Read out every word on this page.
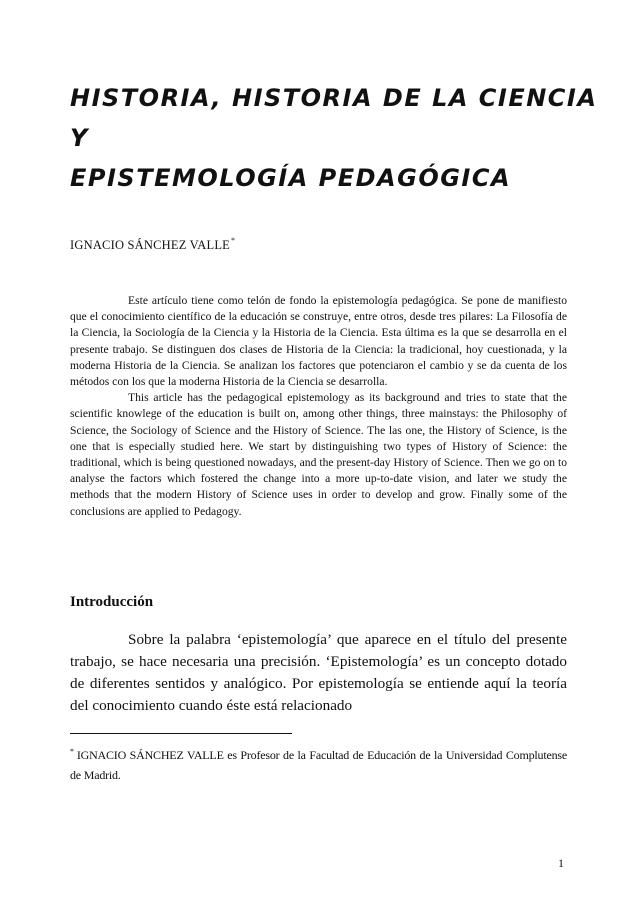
HISTORIA, HISTORIA DE LA CIENCIA
Y
EPISTEMOLOGÍA PEDAGÓGICA
IGNACIO SÁNCHEZ VALLE*

Este artículo tiene como telón de fondo la epistemología pedagógica. Se pone de manifiesto que el conocimiento científico de la educación se construye, entre otros, desde tres pilares: La Filosofía de la Ciencia, la Sociología de la Ciencia y la Historia de la Ciencia. Esta última es la que se desarrolla en el presente trabajo. Se distinguen dos clases de Historia de la Ciencia: la tradicional, hoy cuestionada, y la moderna Historia de la Ciencia. Se analizan los factores que potenciaron el cambio y se da cuenta de los métodos con los que la moderna Historia de la Ciencia se desarrolla.

This article has the pedagogical epistemology as its background and tries to state that the scientific knowlege of the education is built on, among other things, three mainstays: the Philosophy of Science, the Sociology of Science and the History of Science. The las one, the History of Science, is the one that is especially studied here. We start by distinguishing two types of History of Science: the traditional, which is being questioned nowadays, and the present-day History of Science. Then we go on to analyse the factors which fostered the change into a more up-to-date vision, and later we study the methods that the modern History of Science uses in order to develop and grow. Finally some of the conclusions are applied to Pedagogy.

Introducción

Sobre la palabra ‘epistemología’ que aparece en el título del presente trabajo, se hace necesaria una precisión. ‘Epistemología’ es un concepto dotado de diferentes sentidos y analógico. Por epistemología se entiende aquí la teoría del conocimiento cuando éste está relacionado

* IGNACIO SÁNCHEZ VALLE es Profesor de la Facultad de Educación de la Universidad Complutense de Madrid.
1
